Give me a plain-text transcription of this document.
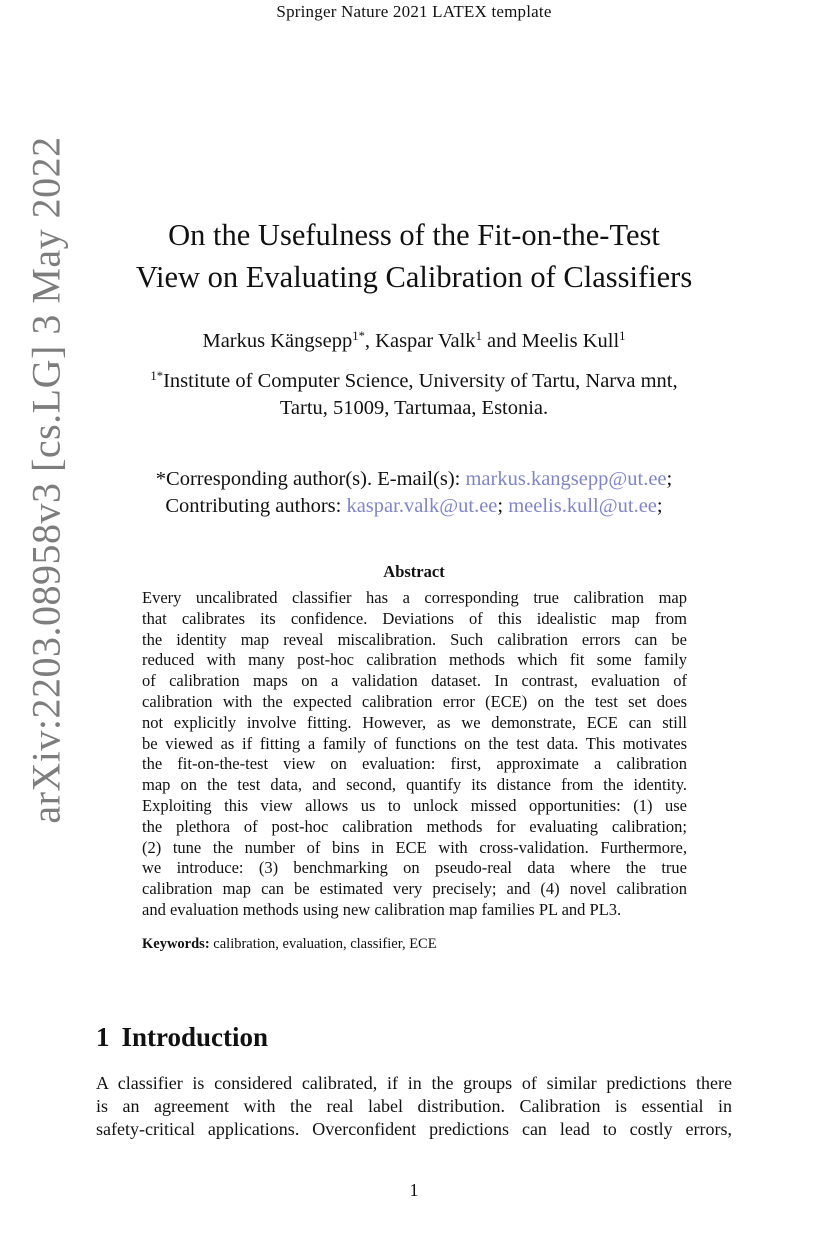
Springer Nature 2021 LATEX template
arXiv:2203.08958v3 [cs.LG] 3 May 2022	On the Usefulness of the Fit-on-the-Test
View on Evaluating Calibration of Classifiers
Markus Kängsepp$^{1*}$, Kaspar Valk$^1$ and Meelis Kull$^1$
$^{1*}$Institute of Computer Science, University of Tartu, Narva mnt,
Tartu, 51009, Tartumaa, Estonia.
*Corresponding author(s). E-mail(s): markus.kangsepp@ut.ee;
Contributing authors: kaspar.valk@ut.ee; meelis.kull@ut.ee;
Abstract
Every uncalibrated classifier has a corresponding true calibration map
that calibrates its confidence. Deviations of this idealistic map from
the identity map reveal miscalibration. Such calibration errors can be
reduced with many post-hoc calibration methods which fit some family
of calibration maps on a validation dataset. In contrast, evaluation of
calibration with the expected calibration error (ECE) on the test set does
not explicitly involve fitting. However, as we demonstrate, ECE can still
be viewed as if fitting a family of functions on the test data. This motivates
the fit-on-the-test view on evaluation: first, approximate a calibration
map on the test data, and second, quantify its distance from the identity.
Exploiting this view allows us to unlock missed opportunities: (1) use
the plethora of post-hoc calibration methods for evaluating calibration;
(2) tune the number of bins in ECE with cross-validation. Furthermore,
we introduce: (3) benchmarking on pseudo-real data where the true
calibration map can be estimated very precisely; and (4) novel calibration
and evaluation methods using new calibration map families PL and PL3.
Keywords: calibration, evaluation, classifier, ECE
1 Introduction
A classifier is considered calibrated, if in the groups of similar predictions there
is an agreement with the real label distribution. Calibration is essential in
safety-critical applications. Overconfident predictions can lead to costly errors,
1
